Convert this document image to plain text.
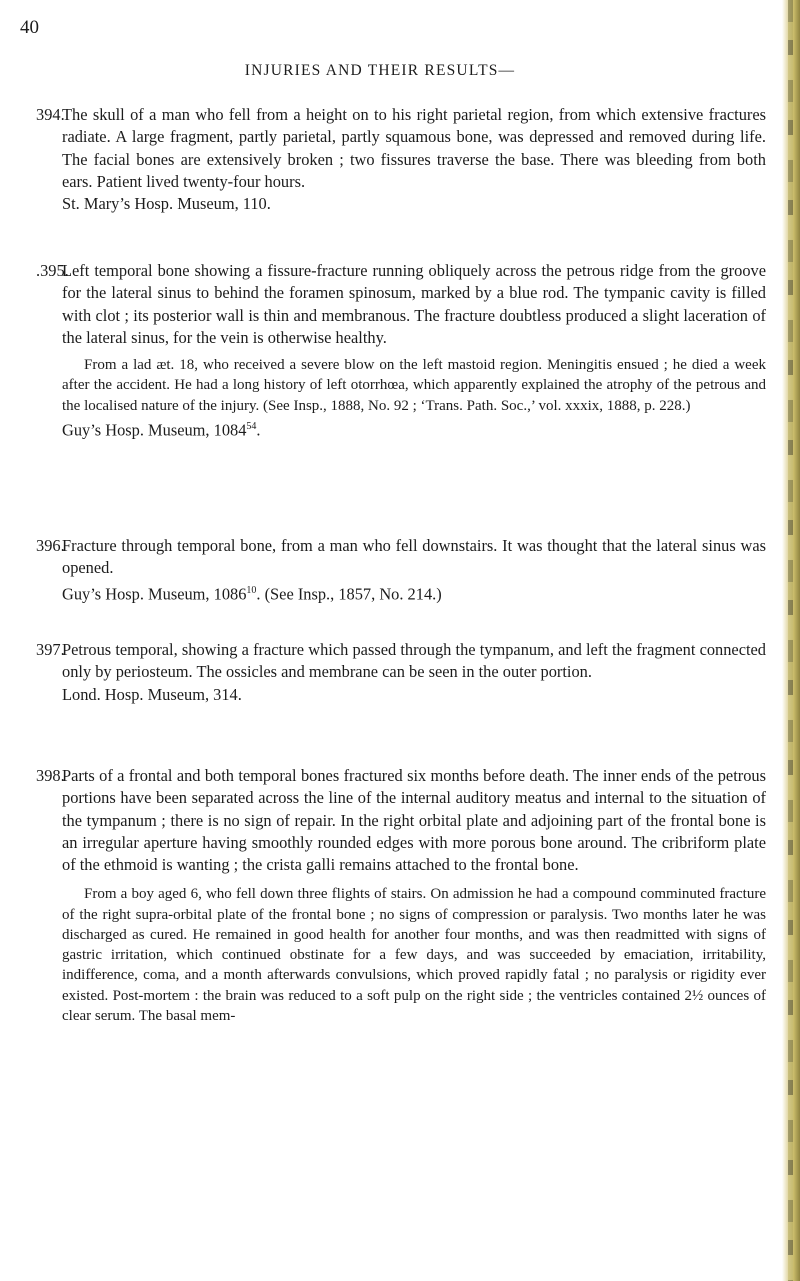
40
INJURIES AND THEIR RESULTS—

394.The skull of a man who fell from a height on to his right parietal region, from which extensive fractures radiate. A large fragment, partly parietal, partly squamous bone, was depressed and removed during life. The facial bones are extensively broken ; two fissures traverse the base. There was bleeding from both ears. Patient lived twenty-four hours.

St. Mary’s Hosp. Museum, 110.

.395.Left temporal bone showing a fissure-fracture running obliquely across the petrous ridge from the groove for the lateral sinus to behind the foramen spinosum, marked by a blue rod. The tympanic cavity is filled with clot ; its posterior wall is thin and membranous. The fracture doubtless produced a slight laceration of the lateral sinus, for the vein is otherwise healthy.

From a lad æt. 18, who received a severe blow on the left mastoid region. Meningitis ensued ; he died a week after the accident. He had a long history of left otorrhœa, which apparently explained the atrophy of the petrous and the localised nature of the injury. (See Insp., 1888, No. 92 ; ‘Trans. Path. Soc.,’ vol. xxxix, 1888, p. 228.)

Guy’s Hosp. Museum, 1084$^{54}$.

396.Fracture through temporal bone, from a man who fell downstairs. It was thought that the lateral sinus was opened.

Guy’s Hosp. Museum, 1086$^{10}$. (See Insp., 1857, No. 214.)

397.Petrous temporal, showing a fracture which passed through the tympanum, and left the fragment connected only by periosteum. The ossicles and membrane can be seen in the outer portion.

Lond. Hosp. Museum, 314.

398.Parts of a frontal and both temporal bones fractured six months before death. The inner ends of the petrous portions have been separated across the line of the internal auditory meatus and internal to the situation of the tympanum ; there is no sign of repair. In the right orbital plate and adjoining part of the frontal bone is an irregular aperture having smoothly rounded edges with more porous bone around. The cribriform plate of the ethmoid is wanting ; the crista galli remains attached to the frontal bone.

From a boy aged 6, who fell down three flights of stairs. On admission he had a compound comminuted fracture of the right supra-orbital plate of the frontal bone ; no signs of compression or paralysis. Two months later he was discharged as cured. He remained in good health for another four months, and was then readmitted with signs of gastric irritation, which continued obstinate for a few days, and was succeeded by emaciation, irritability, indifference, coma, and a month afterwards convulsions, which proved rapidly fatal ; no paralysis or rigidity ever existed. Post-mortem : the brain was reduced to a soft pulp on the right side ; the ventricles contained 2½ ounces of clear serum. The basal mem-
